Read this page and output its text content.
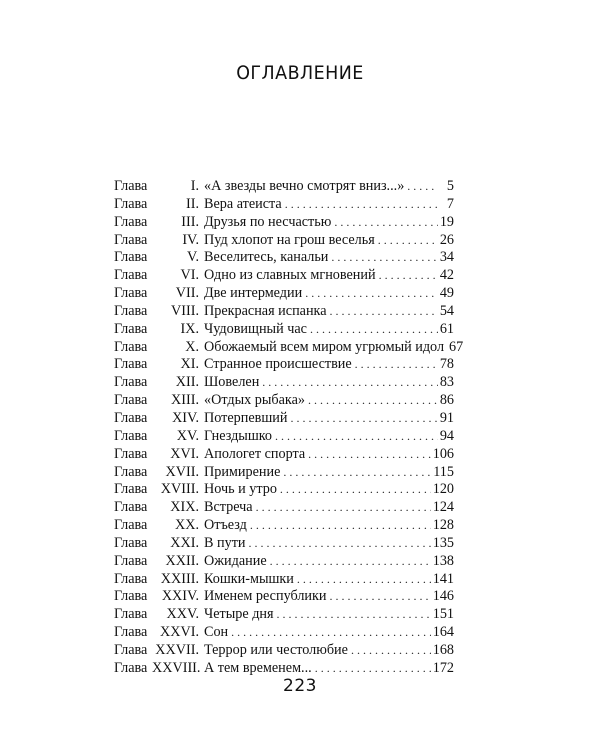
ОГЛАВЛЕНИЕ
Глава	I. «А звезды вечно смотрят вниз...» . . .	5
Глава	II. Вера атеиста . . .	7
Глава	III. Друзья по несчастью . . .	19
Глава	IV. Пуд хлопот на грош веселья . . .	26
Глава	V. Веселитесь, канальи . . .	34
Глава	VI. Одно из славных мгновений . . .	42
Глава	VII. Две интермедии . . .	49
Глава	VIII. Прекрасная испанка . . .	54
Глава	IX. Чудовищный час . . .	61
Глава	X. Обожаемый всем миром угрюмый идол 67
Глава	XI. Странное происшествие . . .	78
Глава	XII. Шовелен . . .	83
Глава	XIII. «Отдых рыбака» . . .	86
Глава	XIV. Потерпевший . . .	91
Глава	XV. Гнездышко . . .	94
Глава	XVI. Апологет спорта . . .	106
Глава	XVII. Примирение . . .	115
Глава XVIII. Ночь и утро . . .	120
Глава	XIX. Встреча . . .	124
Глава	XX. Отъезд . . .	128
Глава	XXI. В пути . . .	135
Глава	XXII. Ожидание . . .	138
Глава XXIII. Кошки-мышки . . .	141
Глава	XXIV. Именем республики . . .	146
Глава	XXV. Четыре дня . . .	151
Глава XXVI. Сон . . .	164
Глава XXVII. Террор или честолюбие . . .	168
Глава XXVIII. А тем временем... . . .	172
223
